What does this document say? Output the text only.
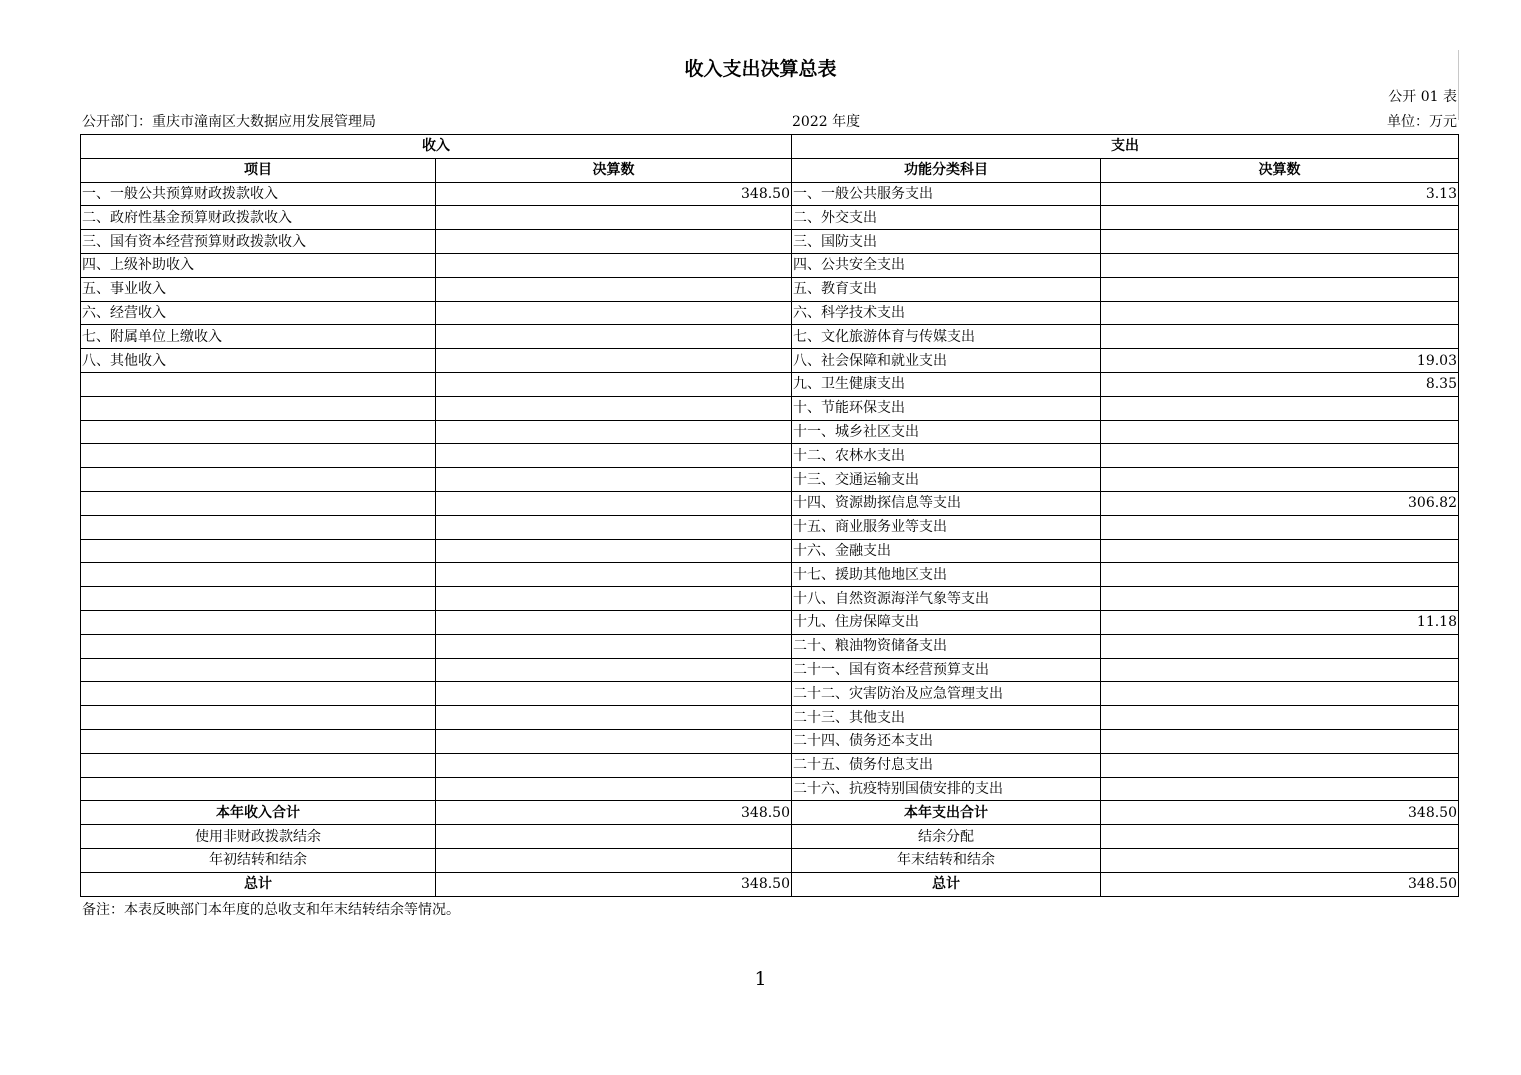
收入支出决算总表
公开 01 表
公开部门：重庆市潼南区大数据应用发展管理局	2022 年度	单位：万元
收入		支出	
项目	决算数	功能分类科目	决算数
一、一般公共预算财政拨款收入	348.50	一、一般公共服务支出	3.13
二、政府性基金预算财政拨款收入		二、外交支出	
三、国有资本经营预算财政拨款收入		三、国防支出	
四、上级补助收入		四、公共安全支出	
五、事业收入		五、教育支出	
六、经营收入		六、科学技术支出	
七、附属单位上缴收入		七、文化旅游体育与传媒支出	
八、其他收入		八、社会保障和就业支出	19.03
		九、卫生健康支出	8.35
		十、节能环保支出	
		十一、城乡社区支出	
		十二、农林水支出	
		十三、交通运输支出	
		十四、资源勘探信息等支出	306.82
		十五、商业服务业等支出	
		十六、金融支出	
		十七、援助其他地区支出	
		十八、自然资源海洋气象等支出	
		十九、住房保障支出	11.18
		二十、粮油物资储备支出	
		二十一、国有资本经营预算支出	
		二十二、灾害防治及应急管理支出	
		二十三、其他支出	
		二十四、债务还本支出	
		二十五、债务付息支出	
		二十六、抗疫特别国债安排的支出	
本年收入合计	348.50	本年支出合计	348.50
使用非财政拨款结余		结余分配	
年初结转和结余		年末结转和结余	
总计	348.50	总计	348.50
备注：本表反映部门本年度的总收支和年末结转结余等情况。
1
